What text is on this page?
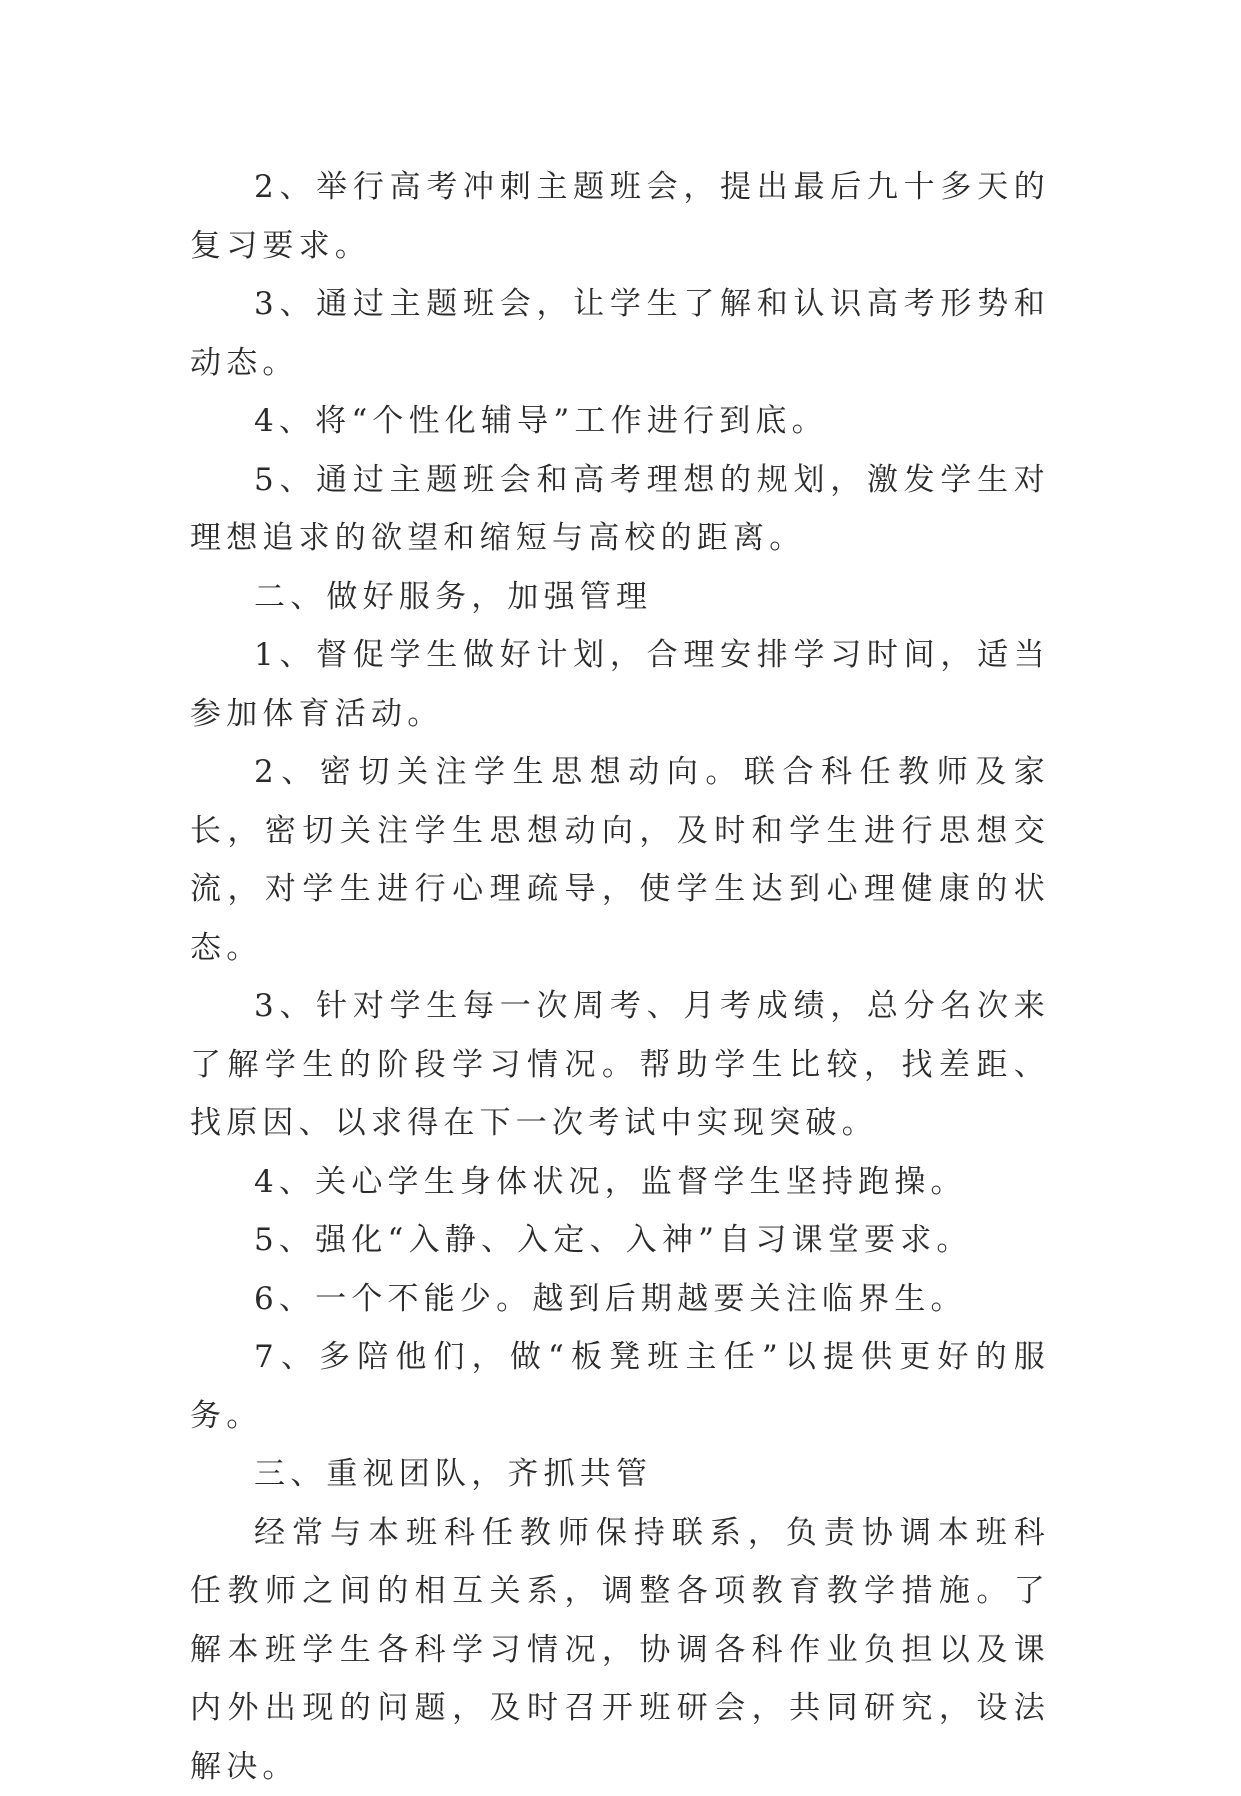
2、举行高考冲刺主题班会，提出最后九十多天的复习要求。

3、通过主题班会，让学生了解和认识高考形势和动态。

4、将“个性化辅导”工作进行到底。

5、通过主题班会和高考理想的规划，激发学生对理想追求的欲望和缩短与高校的距离。

二、做好服务，加强管理

1、督促学生做好计划，合理安排学习时间，适当参加体育活动。

2、密切关注学生思想动向。联合科任教师及家长，密切关注学生思想动向，及时和学生进行思想交流，对学生进行心理疏导，使学生达到心理健康的状态。

3、针对学生每一次周考、月考成绩，总分名次来了解学生的阶段学习情况。帮助学生比较，找差距、找原因、以求得在下一次考试中实现突破。

4、关心学生身体状况，监督学生坚持跑操。

5、强化“入静、入定、入神”自习课堂要求。

6、一个不能少。越到后期越要关注临界生。

7、多陪他们，做“板凳班主任”以提供更好的服务。

三、重视团队，齐抓共管

经常与本班科任教师保持联系，负责协调本班科任教师之间的相互关系，调整各项教育教学措施。了解本班学生各科学习情况，协调各科作业负担以及课内外出现的问题，及时召开班研会，共同研究，设法解决。
